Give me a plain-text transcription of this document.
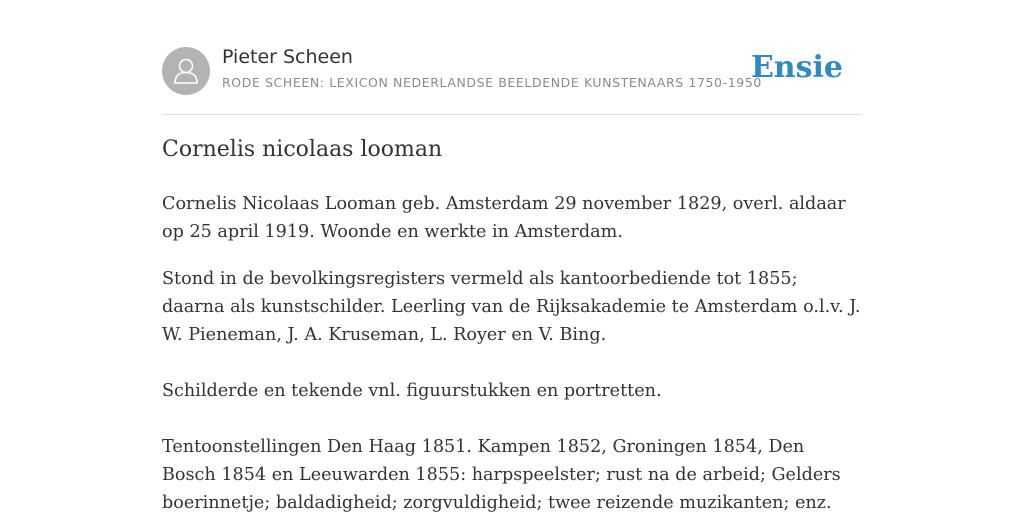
Pieter Scheen
RODE SCHEEN: LEXICON NEDERLANDSE BEELDENDE KUNSTENAARS 1750-1950
Ensie
Cornelis nicolaas looman

Cornelis Nicolaas Looman geb. Amsterdam 29 november 1829, overl. aldaar op 25 april 1919. Woonde en werkte in Amsterdam.

Stond in de bevolkingsregisters vermeld als kantoorbediende tot 1855; daarna als kunstschilder. Leerling van de Rijksakademie te Amsterdam o.l.v. J. W. Pieneman, J. A. Kruseman, L. Royer en V. Bing.

Schilderde en tekende vnl. figuurstukken en portretten.

Tentoonstellingen Den Haag 1851. Kampen 1852, Groningen 1854, Den Bosch 1854 en Leeuwarden 1855: harpspeelster; rust na de arbeid; Gelders boerinnetje; baldadigheid; zorgvuldigheid; twee reizende muzikanten; enz.
